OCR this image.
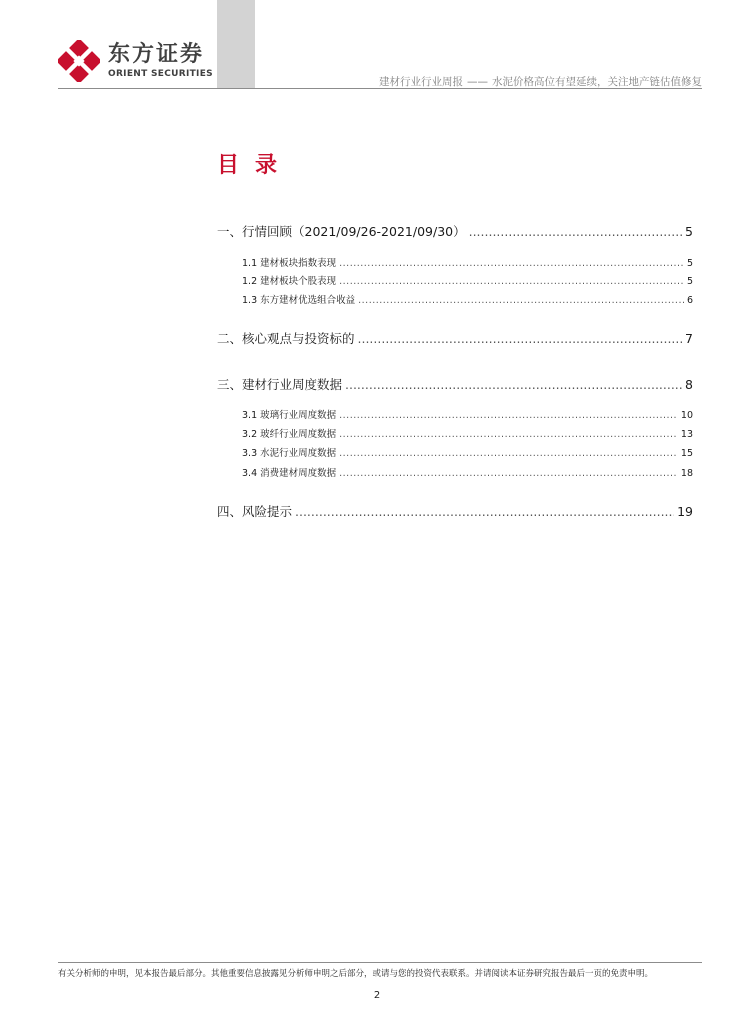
东方证券
ORIENT SECURITIES
建材行业行业周报 —— 水泥价格高位有望延续，关注地产链估值修复
目录
一、行情回顾（2021/09/26-2021/09/30） .....	5
1.1 建材板块指数表现 .....	5
1.2 建材板块个股表现 .....	5
1.3 东方建材优选组合收益 .....	6
二、核心观点与投资标的 .....	7
三、建材行业周度数据 .....	8
3.1 玻璃行业周度数据 .....	10
3.2 玻纤行业周度数据 .....	13
3.3 水泥行业周度数据 .....	15
3.4 消费建材周度数据 .....	18
四、风险提示 .....	19
有关分析师的申明，见本报告最后部分。其他重要信息披露见分析师申明之后部分，或请与您的投资代表联系。并请阅读本证券研究报告最后一页的免责申明。
2
